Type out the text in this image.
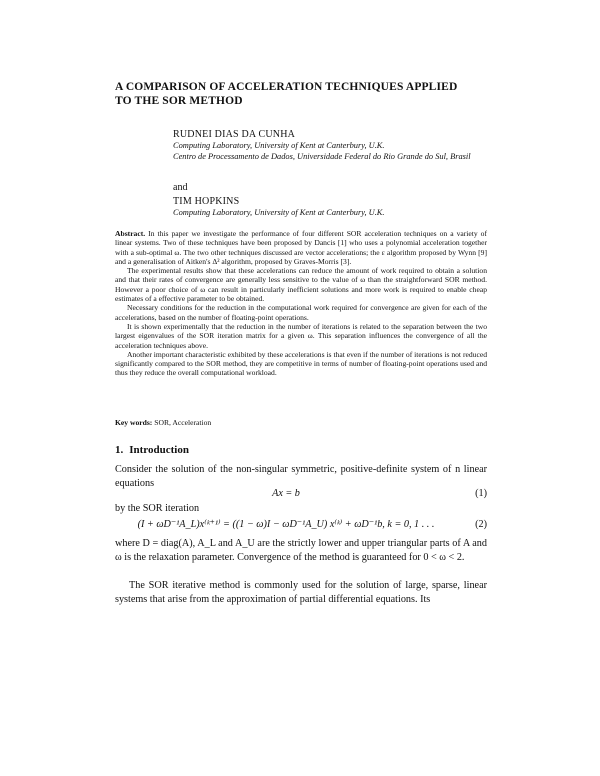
A COMPARISON OF ACCELERATION TECHNIQUES APPLIED
TO THE SOR METHOD
RUDNEI DIAS DA CUNHA
Computing Laboratory, University of Kent at Canterbury, U.K.
Centro de Processamento de Dados, Universidade Federal do Rio Grande do Sul, Brasil
and
TIM HOPKINS
Computing Laboratory, University of Kent at Canterbury, U.K.

Abstract. In this paper we investigate the performance of four different SOR acceleration techniques on a variety of linear systems. Two of these techniques have been proposed by Dancis [1] who uses a polynomial acceleration together with a sub-optimal ω. The two other techniques discussed are vector accelerations; the ε algorithm proposed by Wynn [9] and a generalisation of Aitken's Δ² algorithm, proposed by Graves-Morris [3].

The experimental results show that these accelerations can reduce the amount of work required to obtain a solution and that their rates of convergence are generally less sensitive to the value of ω than the straightforward SOR method. However a poor choice of ω can result in particularly inefficient solutions and more work is required to enable cheap estimates of a effective parameter to be obtained.

Necessary conditions for the reduction in the computational work required for convergence are given for each of the accelerations, based on the number of floating-point operations.

It is shown experimentally that the reduction in the number of iterations is related to the separation between the two largest eigenvalues of the SOR iteration matrix for a given ω. This separation influences the convergence of all the acceleration techniques above.

Another important characteristic exhibited by these accelerations is that even if the number of iterations is not reduced significantly compared to the SOR method, they are competitive in terms of number of floating-point operations used and thus they reduce the overall computational workload.

Key words: SOR, Acceleration
1. Introduction
Consider the solution of the non-singular symmetric, positive-definite system of n linear equations
Ax = b	(1)
by the SOR iteration
(I + ωD⁻¹A_L)x⁽ᵏ⁺¹⁾ = ((1 − ω)I − ωD⁻¹A_U) x⁽ᵏ⁾ + ωD⁻¹b, k = 0, 1 . . .	(2)
where D = diag(A), A_L and A_U are the strictly lower and upper triangular parts of A and ω is the relaxation parameter. Convergence of the method is guaranteed for 0 < ω < 2.
The SOR iterative method is commonly used for the solution of large, sparse, linear systems that arise from the approximation of partial differential equations. Its
